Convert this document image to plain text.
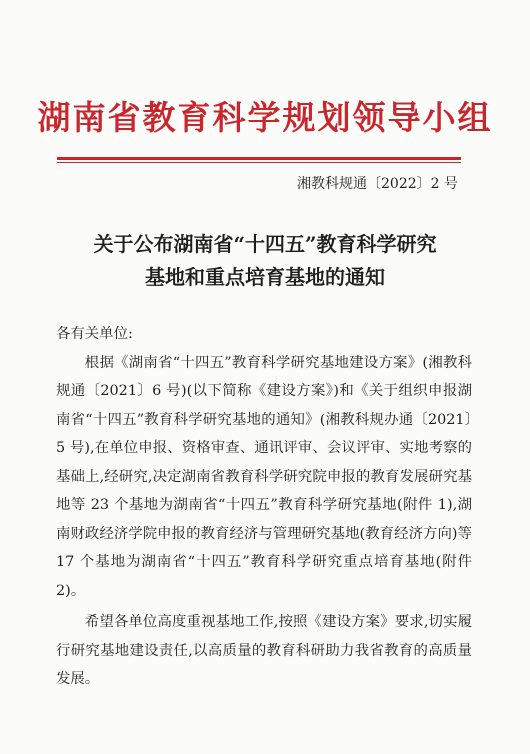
湖南省教育科学规划领导小组
湘教科规通〔2022〕2 号
关于公布湖南省“十四五”教育科学研究
基地和重点培育基地的通知
各有关单位:

根据《湖南省“十四五”教育科学研究基地建设方案》(湘教科规通〔2021〕6 号)(以下简称《建设方案》)和《关于组织申报湖南省“十四五”教育科学研究基地的通知》(湘教科规办通〔2021〕5 号),在单位申报、资格审查、通讯评审、会议评审、实地考察的基础上,经研究,决定湖南省教育科学研究院申报的教育发展研究基地等 23 个基地为湖南省“十四五”教育科学研究基地(附件 1),湖南财政经济学院申报的教育经济与管理研究基地(教育经济方向)等 17 个基地为湖南省“十四五”教育科学研究重点培育基地(附件 2)。

希望各单位高度重视基地工作,按照《建设方案》要求,切实履行研究基地建设责任,以高质量的教育科研助力我省教育的高质量发展。
